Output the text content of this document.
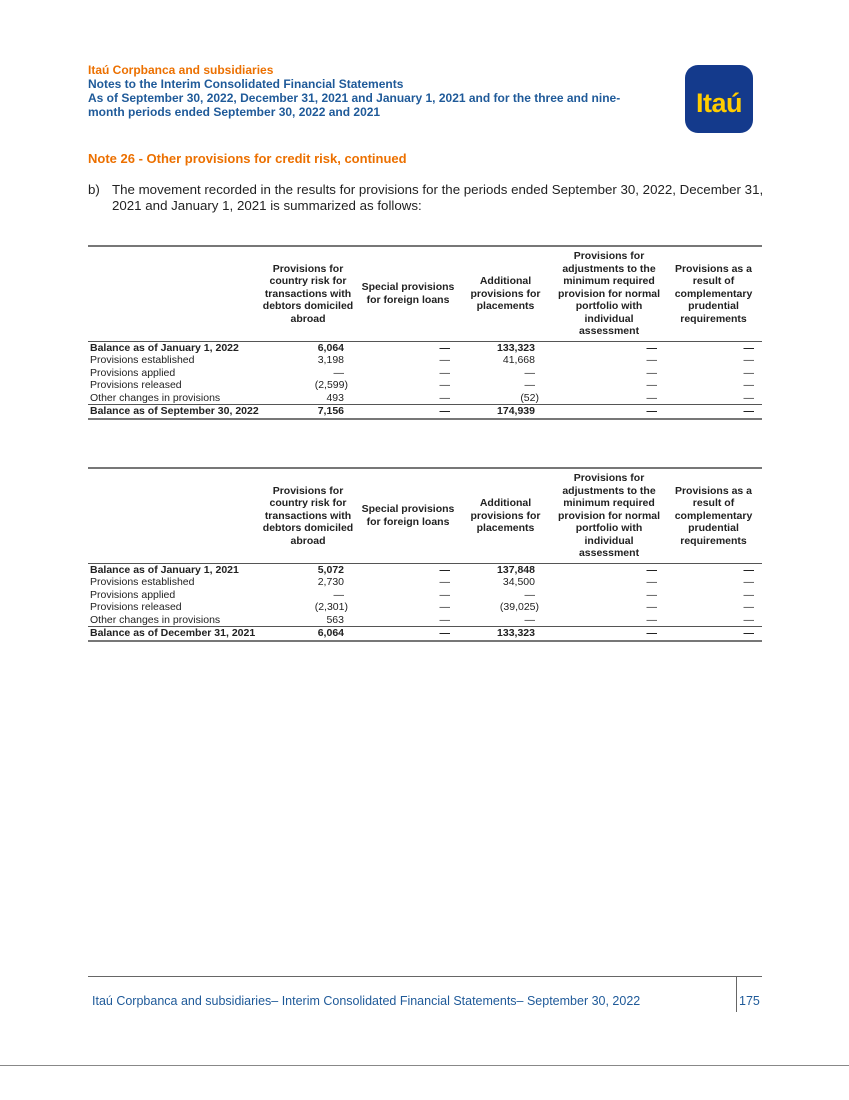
Itaú Corpbanca and subsidiaries
Notes to the Interim Consolidated Financial Statements
As of September 30, 2022, December 31, 2021 and January 1, 2021 and for the three and nine-
month periods ended September 30, 2022 and 2021	Itaú
Note 26 - Other provisions for credit risk, continued
b) The movement recorded in the results for provisions for the periods ended September 30, 2022, December 31, 2021 and January 1, 2021 is summarized as follows:

	Provisions for country risk for transactions with debtors domiciled abroad	Special provisions for foreign loans	Additional provisions for placements	Provisions for adjustments to the minimum required provision for normal portfolio with individual assessment	Provisions as a result of complementary prudential requirements
Balance as of January 1, 2022	6,064	—	133,323	—	—
Provisions established	3,198	—	41,668	—	—
Provisions applied	—	—	—	—	—
Provisions released	(2,599)	—	—	—	—
Other changes in provisions	493	—	(52)	—	—
Balance as of September 30, 2022	7,156	—	174,939	—	—

	Provisions for country risk for transactions with debtors domiciled abroad	Special provisions for foreign loans	Additional provisions for placements	Provisions for adjustments to the minimum required provision for normal portfolio with individual assessment	Provisions as a result of complementary prudential requirements
Balance as of January 1, 2021	5,072	—	137,848	—	—
Provisions established	2,730	—	34,500	—	—
Provisions applied	—	—	—	—	—
Provisions released	(2,301)	—	(39,025)	—	—
Other changes in provisions	563	—	—	—	—
Balance as of December 31, 2021	6,064	—	133,323	—	—
Itaú Corpbanca and subsidiaries– Interim Consolidated Financial Statements– September 30, 2022	175
